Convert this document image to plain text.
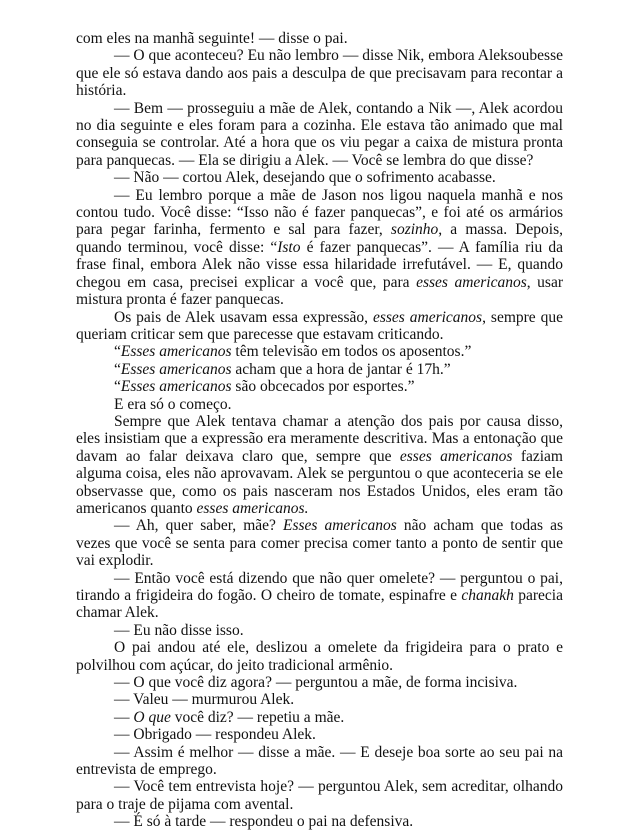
com eles na manhã seguinte! — disse o pai.

— O que aconteceu? Eu não lembro — disse Nik, embora Aleksoubesse que ele só estava dando aos pais a desculpa de que precisavam para recontar a história.

— Bem — prosseguiu a mãe de Alek, contando a Nik —, Alek acordou no dia seguinte e eles foram para a cozinha. Ele estava tão animado que mal conseguia se controlar. Até a hora que os viu pegar a caixa de mistura pronta para panquecas. — Ela se dirigiu a Alek. — Você se lembra do que disse?

— Não — cortou Alek, desejando que o sofrimento acabasse.

— Eu lembro porque a mãe de Jason nos ligou naquela manhã e nos contou tudo. Você disse: “Isso não é fazer panquecas”, e foi até os armários para pegar farinha, fermento e sal para fazer, sozinho, a massa. Depois, quando terminou, você disse: “Isto é fazer panquecas”. — A família riu da frase final, embora Alek não visse essa hilaridade irrefutável. — E, quando chegou em casa, precisei explicar a você que, para esses americanos, usar mistura pronta é fazer panquecas.

Os pais de Alek usavam essa expressão, esses americanos, sempre que queriam criticar sem que parecesse que estavam criticando.

“Esses americanos têm televisão em todos os aposentos.”

“Esses americanos acham que a hora de jantar é 17h.”

“Esses americanos são obcecados por esportes.”

E era só o começo.

Sempre que Alek tentava chamar a atenção dos pais por causa disso, eles insistiam que a expressão era meramente descritiva. Mas a entonação que davam ao falar deixava claro que, sempre que esses americanos faziam alguma coisa, eles não aprovavam. Alek se perguntou o que aconteceria se ele observasse que, como os pais nasceram nos Estados Unidos, eles eram tão americanos quanto esses americanos.

— Ah, quer saber, mãe? Esses americanos não acham que todas as vezes que você se senta para comer precisa comer tanto a ponto de sentir que vai explodir.

— Então você está dizendo que não quer omelete? — perguntou o pai, tirando a frigideira do fogão. O cheiro de tomate, espinafre e chanakh parecia chamar Alek.

— Eu não disse isso.

O pai andou até ele, deslizou a omelete da frigideira para o prato e polvilhou com açúcar, do jeito tradicional armênio.

— O que você diz agora? — perguntou a mãe, de forma incisiva.

— Valeu — murmurou Alek.

— O que você diz? — repetiu a mãe.

— Obrigado — respondeu Alek.

— Assim é melhor — disse a mãe. — E deseje boa sorte ao seu pai na entrevista de emprego.

— Você tem entrevista hoje? — perguntou Alek, sem acreditar, olhando para o traje de pijama com avental.

— É só à tarde — respondeu o pai na defensiva.
